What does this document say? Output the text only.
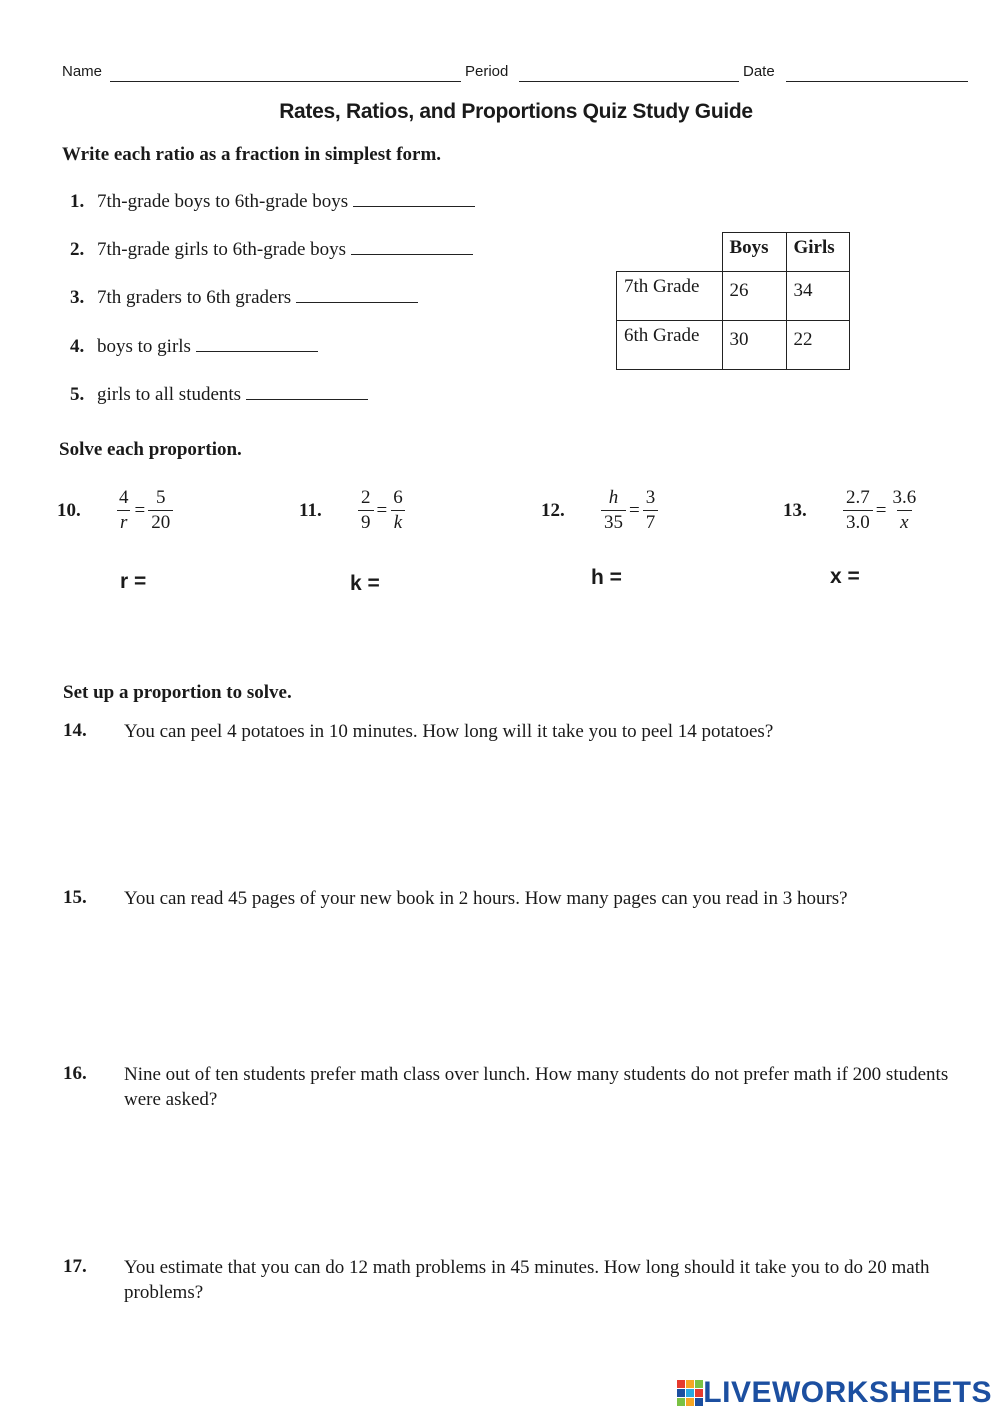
Name	Period	Date
Rates, Ratios, and Proportions Quiz Study Guide
Write each ratio as a fraction in simplest form.
1. 7th-grade boys to 6th-grade boys
2. 7th-grade girls to 6th-grade boys
3. 7th graders to 6th graders
4. boys to girls
5. girls to all students
	Boys	Girls
7th Grade	26	34
6th Grade	30	22
Solve each proportion.
10. $\frac{4}{r} = \frac{5}{20}$
r =
11. $\frac{2}{9} = \frac{6}{k}$
k =
12. $\frac{h}{35} = \frac{3}{7}$
h =
13. $\frac{2.7}{3.0} = \frac{3.6}{x}$
x =
Set up a proportion to solve.
14. You can peel 4 potatoes in 10 minutes. How long will it take you to peel 14 potatoes?
15. You can read 45 pages of your new book in 2 hours. How many pages can you read in 3 hours?
16. Nine out of ten students prefer math class over lunch. How many students do not prefer math if 200 students were asked?
17. You estimate that you can do 12 math problems in 45 minutes. How long should it take you to do 20 math problems?
LIVEWORKSHEETS
